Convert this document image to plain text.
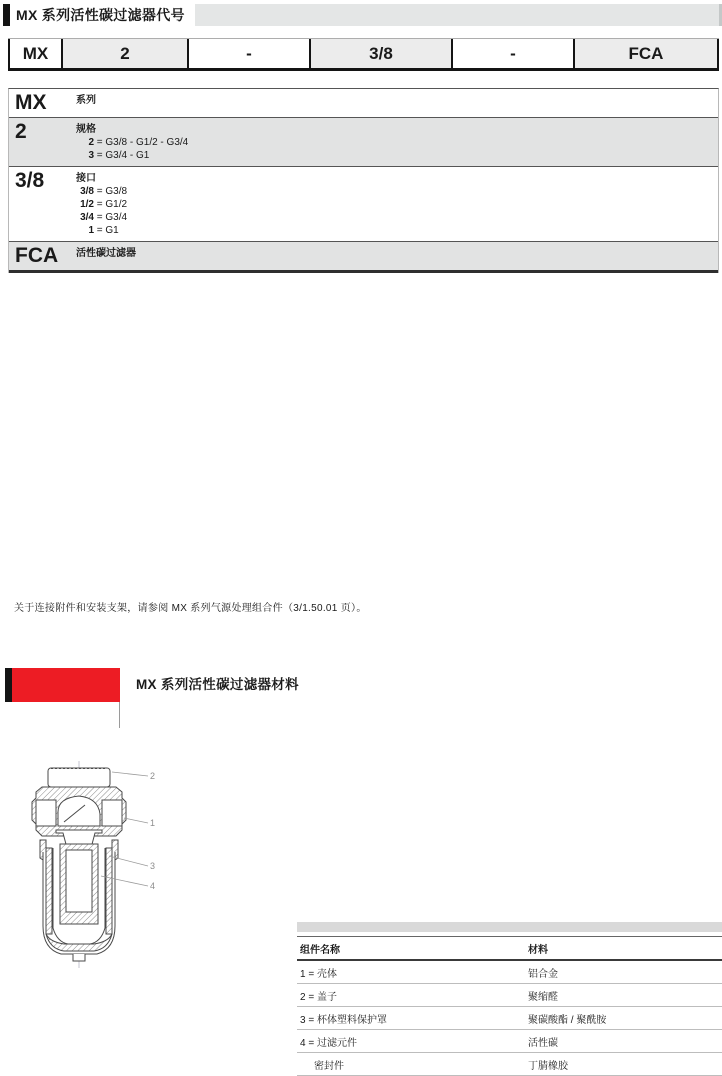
MX 系列活性碳过滤器代号
MX	2	-	3/8	-	FCA
MX	系列
2	规格
2 = G3/8 - G1/2 - G3/4
3 = G3/4 - G1
3/8	接口
3/8 = G3/8
1/2 = G1/2
3/4 = G3/4
1 = G1
FCA	活性碳过滤器

关于连接附件和安装支架，请参阅 MX 系列气源处理组合件（3/1.50.01 页）。

MX 系列活性碳过滤器材料
2
1
3
4
组件名称	材料
1 = 壳体	铝合金
2 = 盖子	聚缩醛
3 = 杯体塑料保护罩	聚碳酸酯 / 聚酰胺
4 = 过滤元件	活性碳
密封件	丁腈橡胶
